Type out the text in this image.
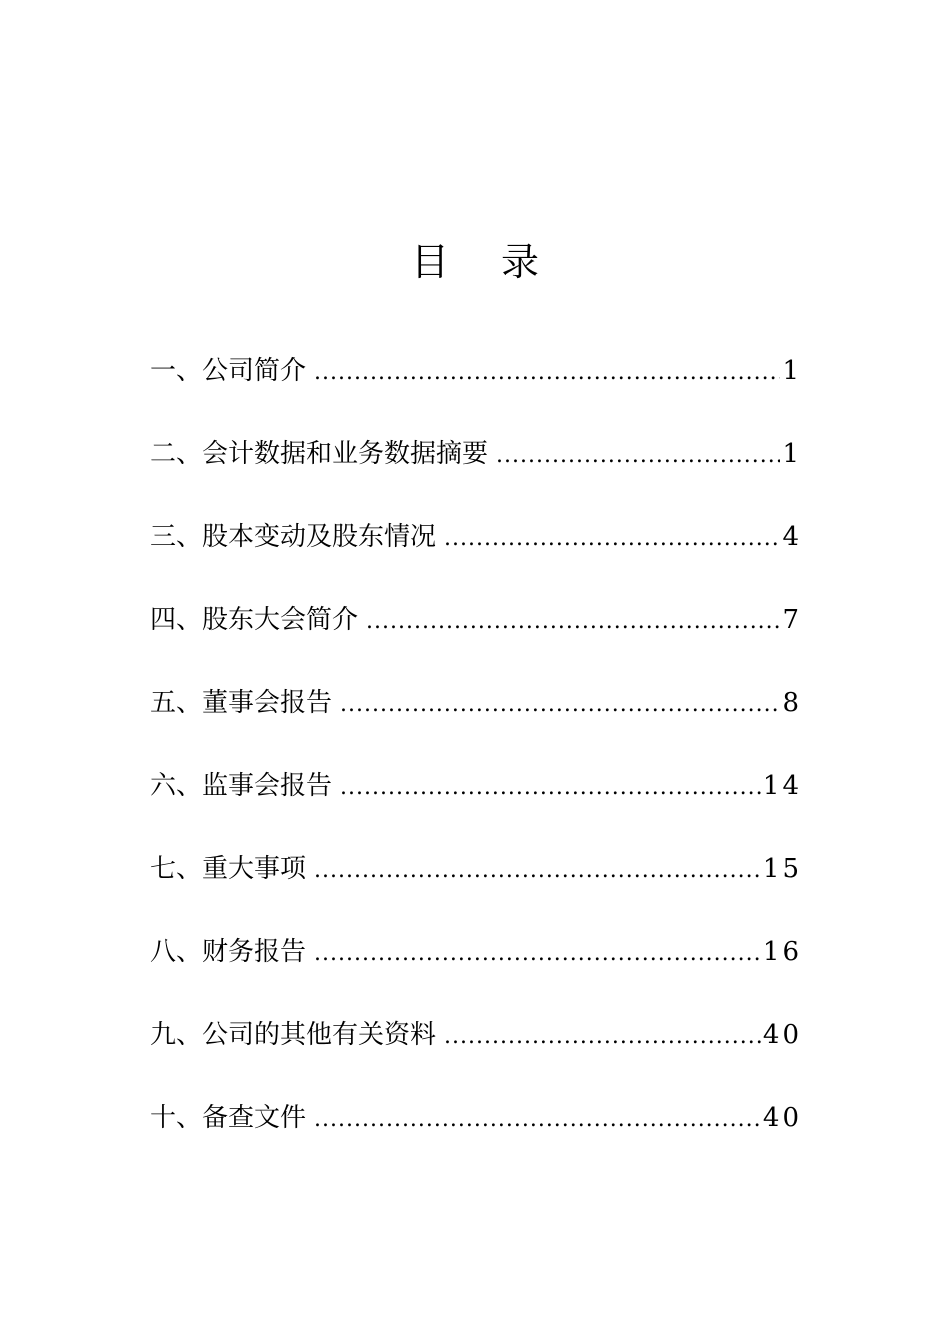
目 录
一、公司简介 .....	1
二、会计数据和业务数据摘要 .....	1
三、股本变动及股东情况 .....	4
四、股东大会简介 .....	7
五、董事会报告 .....	8
六、监事会报告 .....	14
七、重大事项 .....	15
八、财务报告 .....	16
九、公司的其他有关资料 .....	40
十、备查文件 .....	40
